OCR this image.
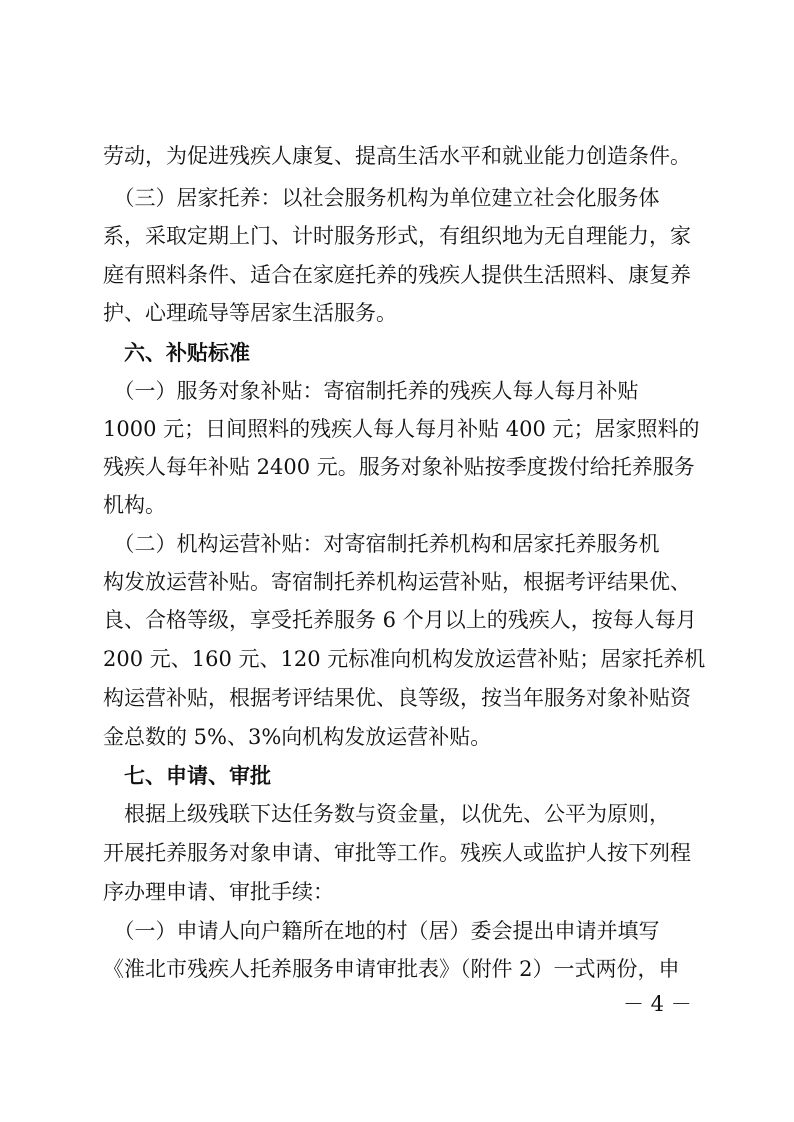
劳动，为促进残疾人康复、提高生活水平和就业能力创造条件。
　（三）居家托养：以社会服务机构为单位建立社会化服务体
系，采取定期上门、计时服务形式，有组织地为无自理能力，家
庭有照料条件、适合在家庭托养的残疾人提供生活照料、康复养
护、心理疏导等居家生活服务。
　六、补贴标准
　（一）服务对象补贴：寄宿制托养的残疾人每人每月补贴
1000 元；日间照料的残疾人每人每月补贴 400 元；居家照料的
残疾人每年补贴 2400 元。服务对象补贴按季度拨付给托养服务
机构。
　（二）机构运营补贴：对寄宿制托养机构和居家托养服务机
构发放运营补贴。寄宿制托养机构运营补贴，根据考评结果优、
良、合格等级，享受托养服务 6 个月以上的残疾人，按每人每月
200 元、160 元、120 元标准向机构发放运营补贴；居家托养机
构运营补贴，根据考评结果优、良等级，按当年服务对象补贴资
金总数的 5%、3%向机构发放运营补贴。
　七、申请、审批
　根据上级残联下达任务数与资金量，以优先、公平为原则，
开展托养服务对象申请、审批等工作。残疾人或监护人按下列程
序办理申请、审批手续：
　（一）申请人向户籍所在地的村（居）委会提出申请并填写
《淮北市残疾人托养服务申请审批表》（附件 2）一式两份，申
－ 4 －
